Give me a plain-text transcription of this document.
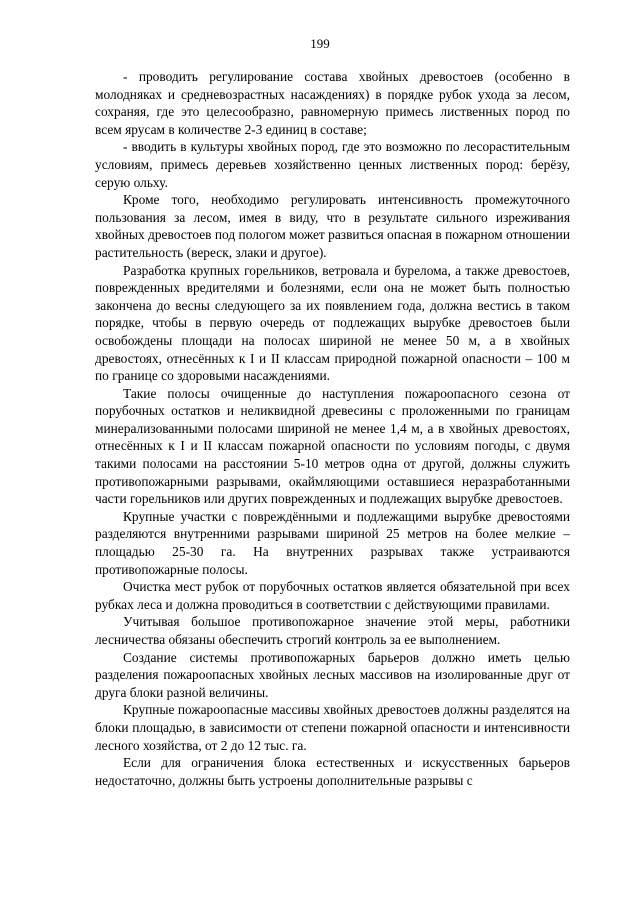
199

- проводить регулирование состава хвойных древостоев (особенно в молодняках и средневозрастных насаждениях) в порядке рубок ухода за лесом, сохраняя, где это целесообразно, равномерную примесь лиственных пород по всем ярусам в количестве 2-3 единиц в составе;

- вводить в культуры хвойных пород, где это возможно по лесорастительным условиям, примесь деревьев хозяйственно ценных лиственных пород: берёзу, серую ольху.

Кроме того, необходимо регулировать интенсивность промежуточного пользования за лесом, имея в виду, что в результате сильного изреживания хвойных древостоев под пологом может развиться опасная в пожарном отношении растительность (вереск, злаки и другое).

Разработка крупных горельников, ветровала и бурелома, а также древостоев, поврежденных вредителями и болезнями, если она не может быть полностью закончена до весны следующего за их появлением года, должна вестись в таком порядке, чтобы в первую очередь от подлежащих вырубке древостоев были освобождены площади на полосах шириной не менее 50 м, а в хвойных древостоях, отнесённых к I и II классам природной пожарной опасности – 100 м по границе со здоровыми насаждениями.

Такие полосы очищенные до наступления пожароопасного сезона от порубочных остатков и неликвидной древесины с проложенными по границам минерализованными полосами шириной не менее 1,4 м, а в хвойных древостоях, отнесённых к I и II классам пожарной опасности по условиям погоды, с двумя такими полосами на расстоянии 5-10 метров одна от другой, должны служить противопожарными разрывами, окаймляющими оставшиеся неразработанными части горельников или других поврежденных и подлежащих вырубке древостоев.

Крупные участки с повреждёнными и подлежащими вырубке древостоями разделяются внутренними разрывами шириной 25 метров на более мелкие – площадью 25-30 га. На внутренних разрывах также устраиваются противопожарные полосы.

Очистка мест рубок от порубочных остатков является обязательной при всех рубках леса и должна проводиться в соответствии с действующими правилами.

Учитывая большое противопожарное значение этой меры, работники лесничества обязаны обеспечить строгий контроль за ее выполнением.

Создание системы противопожарных барьеров должно иметь целью разделения пожароопасных хвойных лесных массивов на изолированные друг от друга блоки разной величины.

Крупные пожароопасные массивы хвойных древостоев должны разделятся на блоки площадью, в зависимости от степени пожарной опасности и интенсивности лесного хозяйства, от 2 до 12 тыс. га.

Если для ограничения блока естественных и искусственных барьеров недостаточно, должны быть устроены дополнительные разрывы с
